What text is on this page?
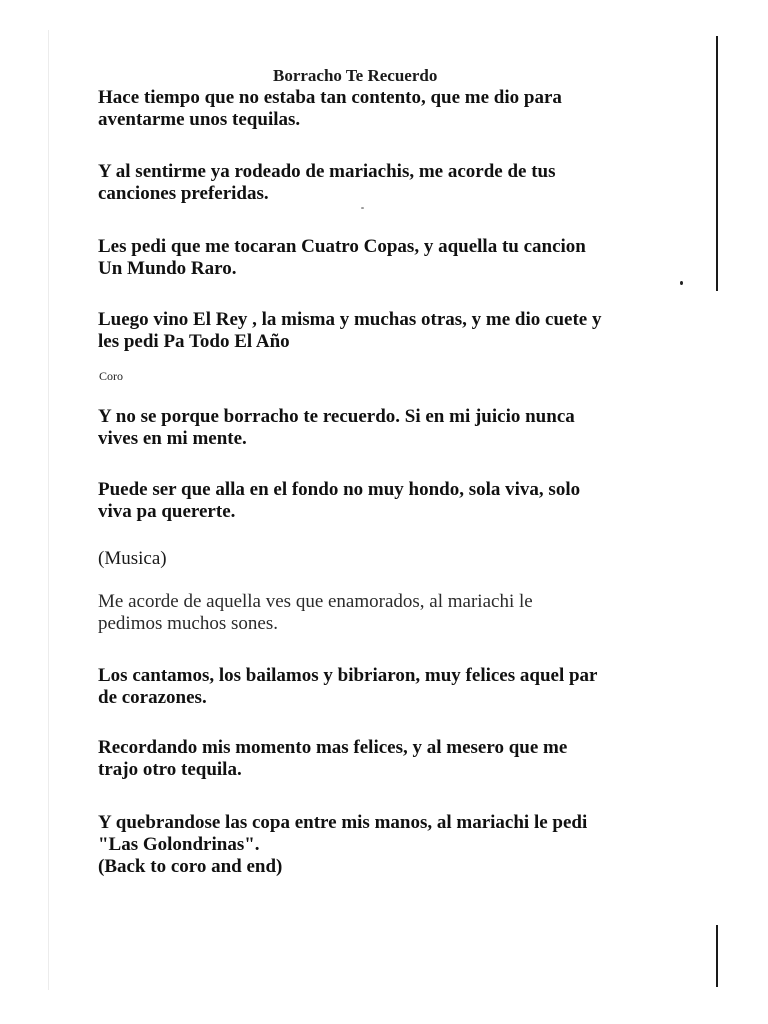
Borracho Te Recuerdo

Hace tiempo que no estaba tan contento, que me dio para
aventarme unos tequilas.

Y al sentirme ya rodeado de mariachis, me acorde de tus
canciones preferidas.

Les pedi que me tocaran Cuatro Copas, y aquella tu cancion
Un Mundo Raro.

Luego vino El Rey , la misma y muchas otras, y me dio cuete y
les pedi Pa Todo El Año

Coro

Y no se porque borracho te recuerdo. Si en mi juicio nunca
vives en mi mente.

Puede ser que alla en el fondo no muy hondo, sola viva, solo
viva pa quererte.

(Musica)

Me acorde de aquella ves que enamorados, al mariachi le
pedimos muchos sones.

Los cantamos, los bailamos y bibriaron, muy felices aquel par
de corazones.

Recordando mis momento mas felices, y al mesero que me
trajo otro tequila.

Y quebrandose las copa entre mis manos, al mariachi le pedi
"Las Golondrinas".
(Back to coro and end)
